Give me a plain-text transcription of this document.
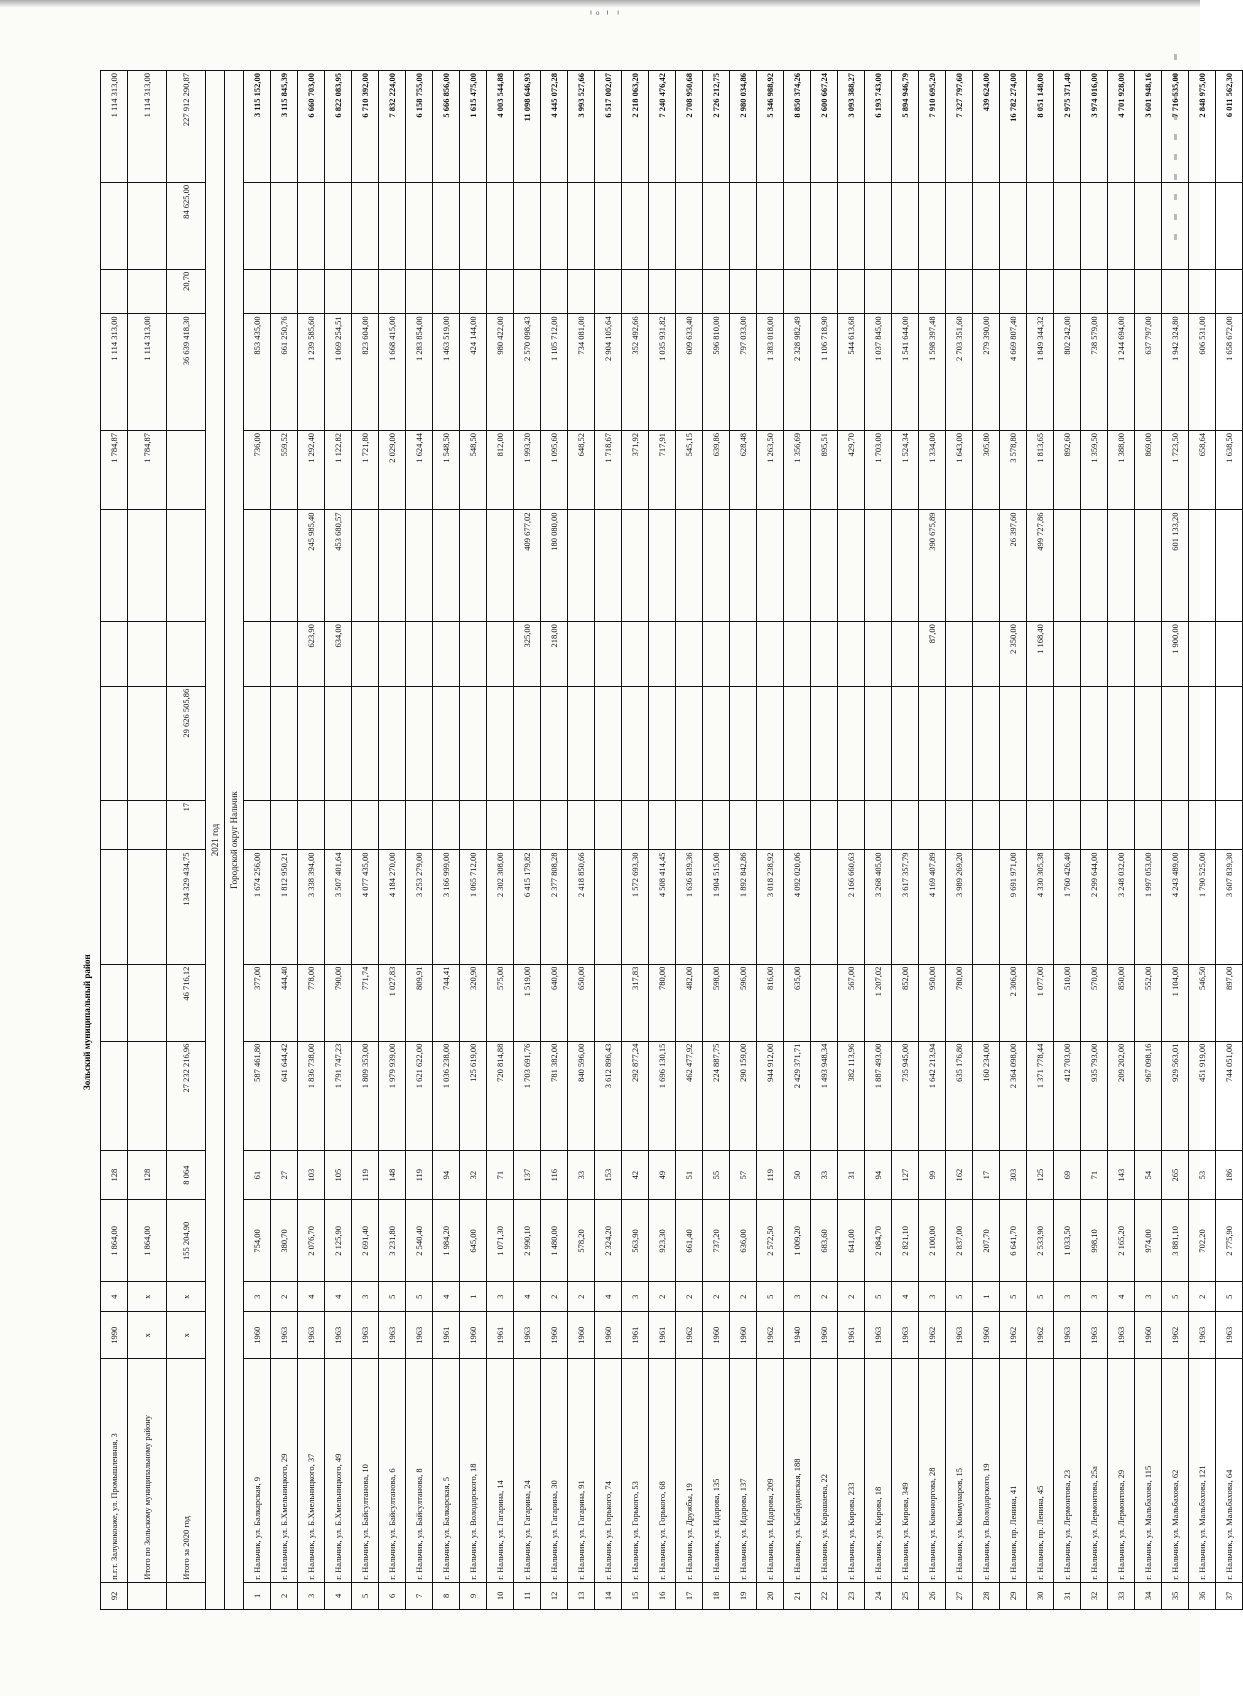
ⁱ ͦ ⁱ ⁱ
92	п.г.т. Залукокоаже, ул. Промышленная, 3	1990	4	1 864,00	128								1 784,87	1 114 313,00			1 114 313,00
	Итого по Зольскому муниципальному району	х	х	1 864,00	128								1 784,87	1 114 313,00			1 114 313,00
	Итого за 2020 год	х	х	155 204,90	8 064	27 232 216,96	46 716,12	134 329 434,75	17	29 626 505,86				36 639 418,30	20,70	84 625,00	227 912 290,87
2021 год																	
Городской округ Нальчик																	
1	г. Нальчик, ул. Балкарская, 9	1960	3	754,00	61	587 461,80	377,00	1 674 256,00					736,00	853 435,00			3 115 152,00
2	г. Нальчик, ул. Б.Хмельницкого, 29	1963	2	380,70	27	641 644,42	444,40	1 812 950,21					559,52	661 250,76			3 115 845,39
3	г. Нальчик, ул. Б.Хмельницкого, 37	1963	4	2 076,70	103	1 836 738,00	778,00	3 338 394,00			623,90	245 985,40	1 292,40	1 239 585,60			6 660 703,00
4	г. Нальчик, ул. Б.Хмельницкого, 49	1963	4	2 125,90	105	1 791 747,23	790,00	3 507 401,64			634,00	453 680,57	1 122,82	1 069 254,51			6 822 083,95
5	г. Нальчик, ул. Байсултанова, 10	1963	3	2 691,40	119	1 809 353,00	771,74	4 077 435,00					1 721,80	823 604,00			6 710 392,00
6	г. Нальчик, ул. Байсултанова, 6	1963	5	3 231,80	148	1 979 939,00	1 027,83	4 184 270,00					2 029,00	1 668 415,00			7 832 224,00
7	г. Нальчик, ул. Байсултанова, 8	1963	5	2 540,40	119	1 621 622,00	809,91	3 253 279,00					1 624,44	1 283 854,00			6 158 755,00
8	г. Нальчик, ул. Балкарская, 5	1961	4	1 984,20	94	1 036 238,00	744,41	3 166 999,00					1 548,50	1 463 519,00			5 666 856,00
9	г. Нальчик, ул. Володарского, 18	1960	1	645,00	32	125 619,00	320,90	1 065 712,00					548,50	424 144,00			1 615 475,00
10	г. Нальчик, ул. Гагарина, 14	1961	3	1 071,30	71	720 814,88	575,00	2 302 308,00					812,00	980 422,00			4 003 544,88
11	г. Нальчик, ул. Гагарина, 24	1963	4	2 990,10	137	1 703 691,76	1 519,00	6 415 179,82			325,00	409 677,02	1 993,20	2 570 098,43			11 098 646,93
12	г. Нальчик, ул. Гагарина, 30	1960	2	1 480,00	116	781 382,00	640,00	2 377 808,28			218,00	180 080,00	1 095,60	1 105 712,00			4 445 072,28
13	г. Нальчик, ул. Гагарина, 91	1960	2	578,20	33	840 596,00	650,00	2 418 850,66					648,52	734 081,00			3 993 527,66
14	г. Нальчик, ул. Горького, 74	1960	4	2 324,20	153	3 612 896,43							1 718,67	2 904 105,64			6 517 002,07
15	г. Нальчик, ул. Горького, 53	1961	3	563,90	42	292 877,24	317,83	1 572 693,30					371,92	352 492,66			2 218 063,20
16	г. Нальчик, ул. Горького, 68	1961	2	923,30	49	1 696 130,15	780,00	4 508 414,45					717,91	1 035 931,82			7 240 476,42
17	г. Нальчик, ул. Дружбы, 19	1962	2	661,40	51	462 477,92	482,00	1 636 839,36					545,15	609 633,40			2 708 950,68
18	г. Нальчик, ул. Идарова, 135	1960	2	737,20	55	224 887,75	598,00	1 904 515,00					639,86	596 810,00			2 726 212,75
19	г. Нальчик, ул. Идарова, 137	1960	2	636,00	57	290 159,00	596,00	1 892 842,86					628,48	797 033,00			2 980 034,86
20	г. Нальчик, ул. Идарова, 209	1962	5	2 572,50	119	944 912,00	816,00	3 018 238,92					1 263,50	1 383 018,00			5 346 988,92
21	г. Нальчик, ул. Кабардинская, 188	1940	3	1 009,20	50	2 429 371,71	635,00	4 092 020,06					1 356,69	2 328 982,49			8 850 374,26
22	г. Нальчик, ул. Карашаева, 22	1960	2	683,60	33	1 493 948,34							895,51	1 106 718,90			2 600 667,24
23	г. Нальчик, ул. Кирова, 233	1961	2	641,00	31	382 113,96	567,00	2 166 660,63					429,70	544 613,68			3 093 388,27
24	г. Нальчик, ул. Кирова, 18	1963	5	2 084,70	94	1 887 493,00	1 207,02	3 268 405,00					1 703,00	1 037 845,00			6 193 743,00
25	г. Нальчик, ул. Кирова, 349	1963	4	2 821,10	127	735 945,00	852,00	3 617 357,79					1 524,34	1 541 644,00			5 894 946,79
26	г. Нальчик, ул. Коконоргова, 28	1962	3	2 100,00	99	1 642 213,94	950,00	4 169 407,89			87,00	390 675,89	1 334,00	1 598 397,48			7 910 695,20
27	г. Нальчик, ул. Коммунаров, 15	1963	5	2 837,00	162	635 176,80	780,00	3 989 269,20					1 643,00	2 703 351,60			7 327 797,60
28	г. Нальчик, ул. Володарского, 19	1960	1	207,70	17	160 234,00							305,80	279 390,00			439 624,00
29	г. Нальчик, пр. Ленина, 41	1962	5	6 641,70	303	2 364 098,00	2 306,00	9 691 971,00			2 350,00	26 397,60	3 578,80	4 669 807,40			16 782 274,00
30	г. Нальчик, пр. Ленина, 45	1962	5	2 533,90	125	1 371 778,44	1 077,00	4 330 305,38			1 168,40	499 727,86	1 813,65	1 849 344,32			8 051 148,00
31	г. Нальчик, ул. Лермонтова, 23	1963	3	1 033,50	69	412 703,00	510,00	1 760 426,40					892,60	802 242,00			2 975 371,40
32	г. Нальчик, ул. Лермонтова, 25а	1963	3	998,10	71	935 793,00	570,00	2 299 644,00					1 359,50	738 579,00			3 974 016,00
33	г. Нальчик, ул. Лермонтова, 29	1963	4	2 165,20	143	209 202,00	850,00	3 248 032,00					1 388,00	1 244 694,00			4 701 928,00
34	г. Нальчик, ул. Мальбахова, 115	1960	3	974,00	54	967 098,16	552,00	1 997 053,00					869,00	637 797,00			3 601 948,16
35	г. Нальчик, ул. Мальбахова, 62	1962	5	3 881,10	265	929 563,01	1 104,00	4 243 489,00			1 900,00	601 133,20	1 723,50	1 942 324,80			7 716 535,00
36	г. Нальчик, ул. Мальбахова, 121	1963	2	702,20	53	451 919,00	546,50	1 790 525,00					658,64	606 531,00			2 848 975,00
37	г. Нальчик, ул. Мальбахова, 64	1963	5	2 775,90	186	744 051,00	897,00	3 607 839,30					1 638,50	1 658 672,00			6 011 562,30
Зольский муниципальный район
